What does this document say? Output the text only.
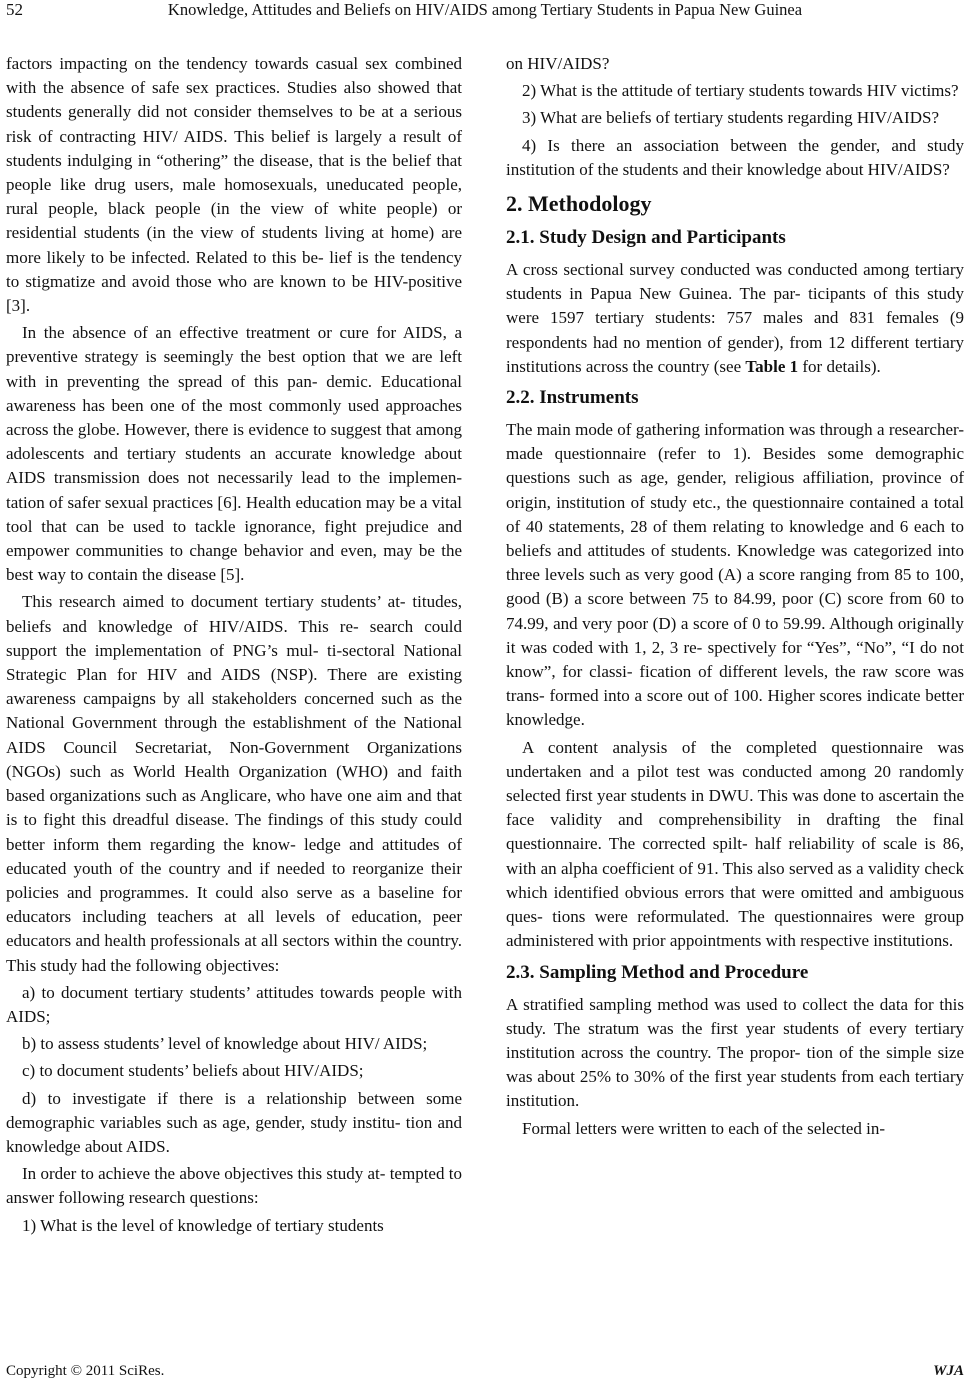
52	Knowledge, Attitudes and Beliefs on HIV/AIDS among Tertiary Students in Papua New Guinea

factors impacting on the tendency towards casual sex combined with the absence of safe sex practices. Studies also showed that students generally did not consider themselves to be at a serious risk of contracting HIV/ AIDS. This belief is largely a result of students indulging in “othering” the disease, that is the belief that people like drug users, male homosexuals, uneducated people, rural people, black people (in the view of white people) or residential students (in the view of students living at home) are more likely to be infected. Related to this be- lief is the tendency to stigmatize and avoid those who are known to be HIV-positive [3].

In the absence of an effective treatment or cure for AIDS, a preventive strategy is seemingly the best option that we are left with in preventing the spread of this pan- demic. Educational awareness has been one of the most commonly used approaches across the globe. However, there is evidence to suggest that among adolescents and tertiary students an accurate knowledge about AIDS transmission does not necessarily lead to the implemen- tation of safer sexual practices [6]. Health education may be a vital tool that can be used to tackle ignorance, fight prejudice and empower communities to change behavior and even, may be the best way to contain the disease [5].

This research aimed to document tertiary students’ at- titudes, beliefs and knowledge of HIV/AIDS. This re- search could support the implementation of PNG’s mul- ti-sectoral National Strategic Plan for HIV and AIDS (NSP). There are existing awareness campaigns by all stakeholders concerned such as the National Government through the establishment of the National AIDS Council Secretariat, Non-Government Organizations (NGOs) such as World Health Organization (WHO) and faith based organizations such as Anglicare, who have one aim and that is to fight this dreadful disease. The findings of this study could better inform them regarding the know- ledge and attitudes of educated youth of the country and if needed to reorganize their policies and programmes. It could also serve as a baseline for educators including teachers at all levels of education, peer educators and health professionals at all sectors within the country. This study had the following objectives:

a) to document tertiary students’ attitudes towards people with AIDS;

b) to assess students’ level of knowledge about HIV/ AIDS;

c) to document students’ beliefs about HIV/AIDS;

d) to investigate if there is a relationship between some demographic variables such as age, gender, study institu- tion and knowledge about AIDS.

In order to achieve the above objectives this study at- tempted to answer following research questions:

1) What is the level of knowledge of tertiary students

on HIV/AIDS?

2) What is the attitude of tertiary students towards HIV victims?

3) What are beliefs of tertiary students regarding HIV/AIDS?

4) Is there an association between the gender, and study institution of the students and their knowledge about HIV/AIDS?

2. Methodology
2.1. Study Design and Participants

A cross sectional survey conducted was conducted among tertiary students in Papua New Guinea. The par- ticipants of this study were 1597 tertiary students: 757 males and 831 females (9 respondents had no mention of gender), from 12 different tertiary institutions across the country (see Table 1 for details).

2.2. Instruments

The main mode of gathering information was through a researcher-made questionnaire (refer to 1). Besides some demographic questions such as age, gender, religious affiliation, province of origin, institution of study etc., the questionnaire contained a total of 40 statements, 28 of them relating to knowledge and 6 each to beliefs and attitudes of students. Knowledge was categorized into three levels such as very good (A) a score ranging from 85 to 100, good (B) a score between 75 to 84.99, poor (C) score from 60 to 74.99, and very poor (D) a score of 0 to 59.99. Although originally it was coded with 1, 2, 3 re- spectively for “Yes”, “No”, “I do not know”, for classi- fication of different levels, the raw score was trans- formed into a score out of 100. Higher scores indicate better knowledge.

A content analysis of the completed questionnaire was undertaken and a pilot test was conducted among 20 randomly selected first year students in DWU. This was done to ascertain the face validity and comprehensibility in drafting the final questionnaire. The corrected spilt- half reliability of scale is 86, with an alpha coefficient of 91. This also served as a validity check which identified obvious errors that were omitted and ambiguous ques- tions were reformulated. The questionnaires were group administered with prior appointments with respective institutions.

2.3. Sampling Method and Procedure

A stratified sampling method was used to collect the data for this study. The stratum was the first year students of every tertiary institution across the country. The propor- tion of the simple size was about 25% to 30% of the first year students from each tertiary institution.

Formal letters were written to each of the selected in-

Copyright © 2011 SciRes.	WJA
